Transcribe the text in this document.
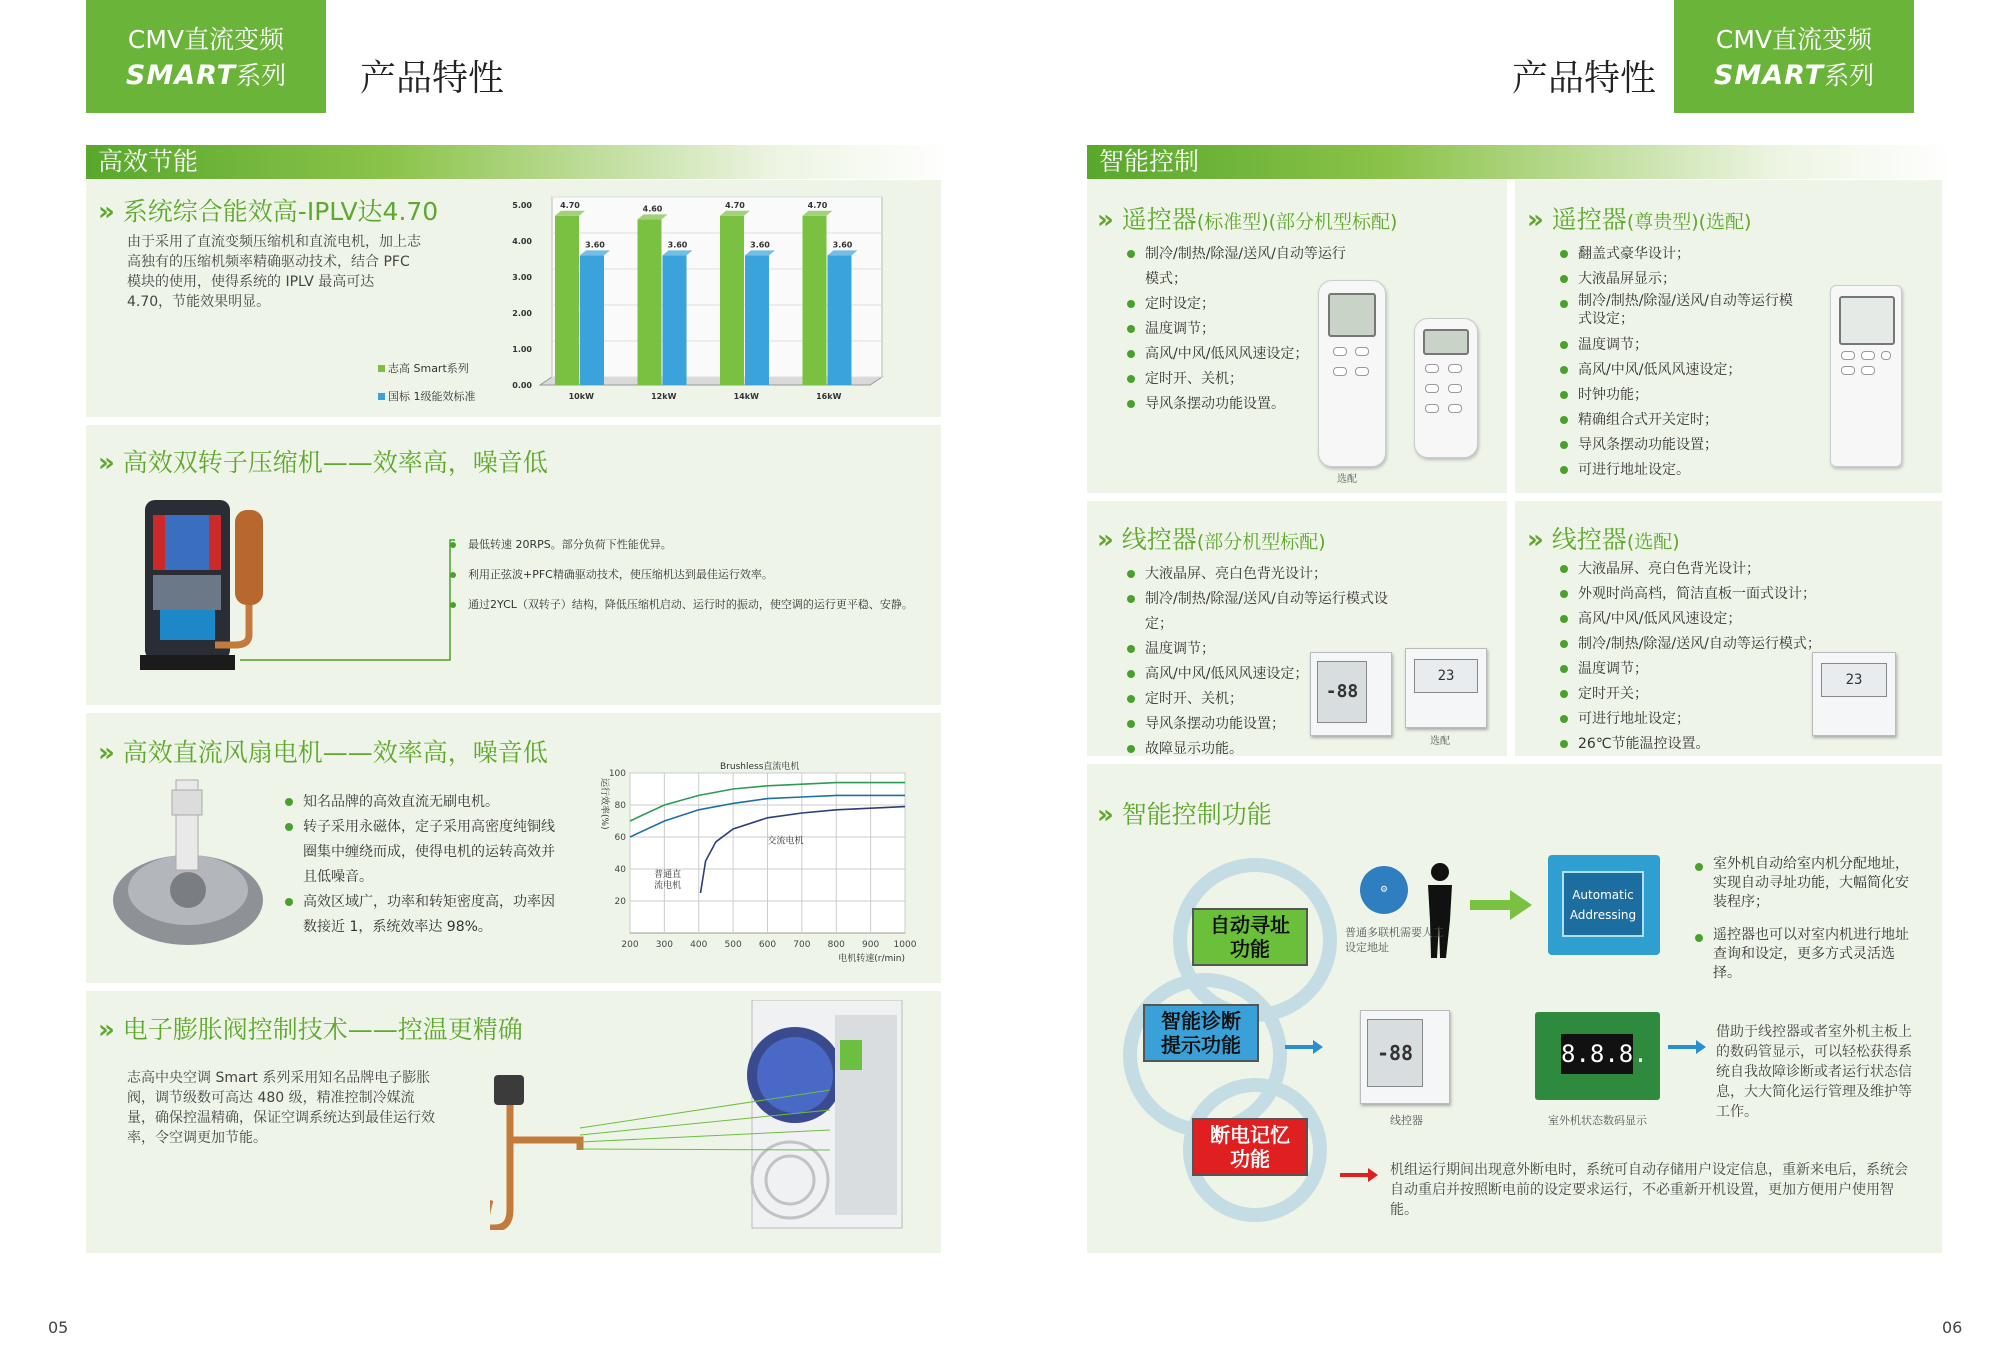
CMV直流变频
SMART系列	产品特性
高效节能
» 系统综合能效高-IPLV达4.70
由于采用了直流变频压缩机和直流电机，加上志高独有的压缩机频率精确驱动技术，结合 PFC 模块的使用，使得系统的 IPLV 最高可达 4.70，节能效果明显。
志高 Smart系列
国标 1级能效标准
0.00
1.00
2.00
3.00
4.00
5.00	4.70
3.60
10kW
4.60
3.60
12kW
4.70
3.60
14kW
4.70
3.60
16kW
» 高效双转子压缩机——效率高，噪音低
最低转速 20RPS。部分负荷下性能优异。
利用正弦波+PFC精确驱动技术，使压缩机达到最佳运行效率。
通过2YCL（双转子）结构，降低压缩机启动、运行时的振动，使空调的运行更平稳、安静。
» 高效直流风扇电机——效率高，噪音低
知名品牌的高效直流无刷电机。
转子采用永磁体，定子采用高密度纯铜线圈集中缠绕而成，使得电机的运转高效并且低噪音。
高效区域广，功率和转矩密度高，功率因数接近 1，系统效率达 98%。
200 300 400 500 600 700 800 900 1000
20
40
60
80
100
Brushless直流电机
运行效率(%)
电机转速(r/min)
普通直
流电机
交流电机
» 电子膨胀阀控制技术——控温更精确
志高中央空调 Smart 系列采用知名品牌电子膨胀阀，调节级数可高达 480 级，精准控制冷媒流量，确保控温精确，保证空调系统达到最佳运行效率，令空调更加节能。
05
CMV直流变频
SMART系列
产品特性
智能控制
» 遥控器(标准型)(部分机型标配)
制冷/制热/除湿/送风/自动等运行模式；
定时设定；
温度调节；
高风/中风/低风风速设定；
定时开、关机；
导风条摆动功能设置。
选配
» 遥控器(尊贵型)(选配)
翻盖式豪华设计；
大液晶屏显示；
制冷/制热/除湿/送风/自动等运行模式设定；
温度调节；
高风/中风/低风风速设定；
时钟功能；
精确组合式开关定时；
导风条摆动功能设置；
可进行地址设定。
» 线控器(部分机型标配)
大液晶屏、亮白色背光设计；
制冷/制热/除湿/送风/自动等运行模式设定；
温度调节；
高风/中风/低风风速设定；
定时开、关机；
导风条摆动功能设置；
故障显示功能。
-88
23
选配
» 线控器(选配)
大液晶屏、亮白色背光设计；
外观时尚高档，简洁直板一面式设计；
高风/中风/低风风速设定；
制冷/制热/除湿/送风/自动等运行模式；
温度调节；
定时开关；
可进行地址设定；
26℃节能温控设置。
23
» 智能控制功能
自动寻址功能
智能诊断提示功能
断电记忆功能
⚙
普通多联机需要人工设定地址
Automatic
Addressing
室外机自动给室内机分配地址，实现自动寻址功能，大幅简化安装程序；
遥控器也可以对室内机进行地址查询和设定，更多方式灵活选择。
-88
线控器
8.8.8.
室外机状态数码显示
借助于线控器或者室外机主板上的数码管显示，可以轻松获得系统自我故障诊断或者运行状态信息，大大简化运行管理及维护等工作。
机组运行期间出现意外断电时，系统可自动存储用户设定信息，重新来电后，系统会自动重启并按照断电前的设定要求运行，不必重新开机设置，更加方便用户使用智能。
06
